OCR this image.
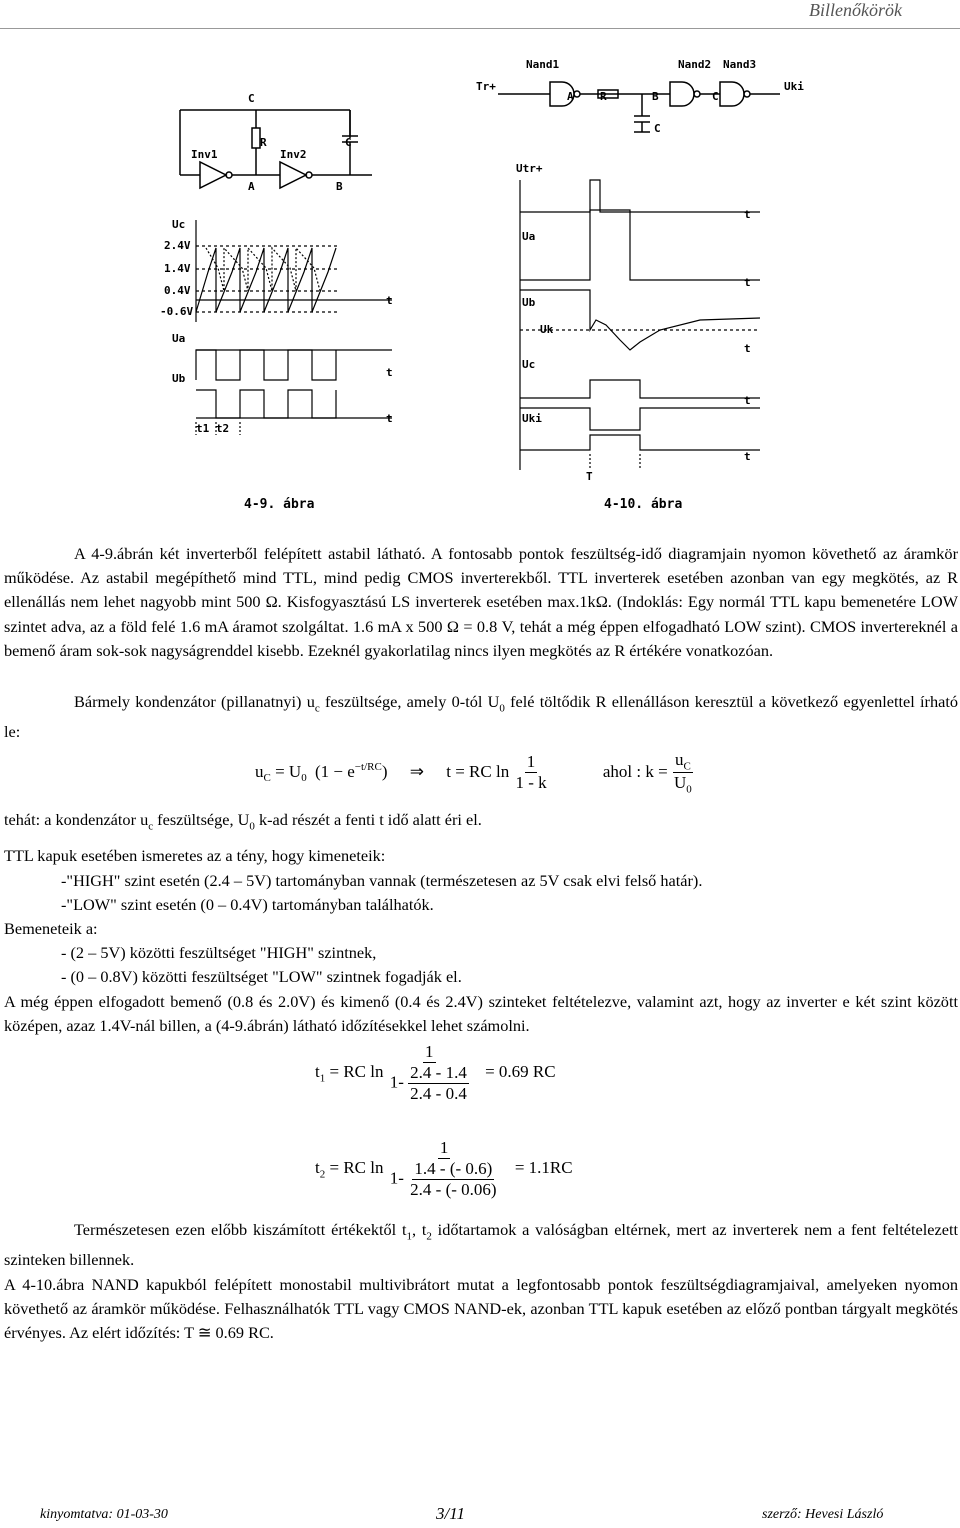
Billenőkörök
C
R	C
Inv1	Inv2
A	B
Uc
2.4V
1.4V
0.4V
-0.6V
t
Ua
t
Ub
t
t1 t2
4-9. ábra
Nand1	Nand2 Nand3
Tr+
A R	B	C
Uki
C
Utr+
Ua
Ub
Uk
Uc
Uki
t
t
t
t
t
T
4-10. ábra

A 4-9.ábrán két inverterből felépített astabil látható. A fontosabb pontok feszültség-idő diagramjain nyomon követhető az áramkör működése. Az astabil megépíthető mind TTL, mind pedig CMOS inverterekből. TTL inverterek esetében azonban van egy megkötés, az R ellenállás nem lehet nagyobb mint 500 Ω. Kisfogyasztású LS inverterek esetében max.1kΩ. (Indoklás: Egy normál TTL kapu bemenetére LOW szintet adva, az a föld felé 1.6 mA áramot szolgáltat. 1.6 mA x 500 Ω = 0.8 V, tehát a még éppen elfogadható LOW szint). CMOS invertereknél a bemenő áram sok-sok nagyságrenddel kisebb. Ezeknél gyakorlatilag nincs ilyen megkötés az R értékére vonatkozóan.

Bármely kondenzátor (pillanatnyi) $u_c$ feszültsége, amely 0-tól $U_0$ felé töltődik R ellenálláson keresztül a következő egyenlettel írható le:

$u_C = U_0$ $(1 - e^{-t/RC})$ ⇒ t = RC $\ln \frac{1}{1 - k}$	ahol : $k = \frac{u_C}{U_0}$

tehát: a kondenzátor $u_c$ feszültsége, $U_0$ k-ad részét a fenti t idő alatt éri el.

TTL kapuk esetében ismeretes az a tény, hogy kimeneteik:

-"HIGH" szint esetén (2.4 – 5V) tartományban vannak (természetesen az 5V csak elvi felső határ).

-"LOW" szint esetén (0 – 0.4V) tartományban találhatók.

Bemeneteik a:

- (2 – 5V) közötti feszültséget "HIGH" szintnek,

- (0 – 0.8V) közötti feszültséget "LOW" szintnek fogadják el.

A még éppen elfogadott bemenő (0.8 és 2.0V) és kimenő (0.4 és 2.4V) szinteket feltételezve, valamint azt, hogy az inverter e két szint között középen, azaz 1.4V-nál billen, a (4-9.ábrán) látható időzítésekkel lehet számolni.

$t_1$ = RC $\ln \frac{1}{1- \frac{2.4 - 1.4}{2.4 - 0.4}} = 0.69$ RC
$t_2$ = RC $\ln \frac{1}{1- \frac{1.4 - (- 0.6)}{2.4 - (- 0.06)}} = 1.1RC$

Természetesen ezen előbb kiszámított értékektől $t_1$, $t_2$ időtartamok a valóságban eltérnek, mert az inverterek nem a fent feltételezett szinteken billennek.

A 4-10.ábra NAND kapukból felépített monostabil multivibrátort mutat a legfontosabb pontok feszültségdiagramjaival, amelyeken nyomon követhető az áramkör működése. Felhasználhatók TTL vagy CMOS NAND-ek, azonban TTL kapuk esetében az előző pontban tárgyalt megkötés érvényes. Az elért időzítés: T ≅ 0.69 RC.

kinyomtatva: 01-03-30	3/11	szerző: Hevesi László
